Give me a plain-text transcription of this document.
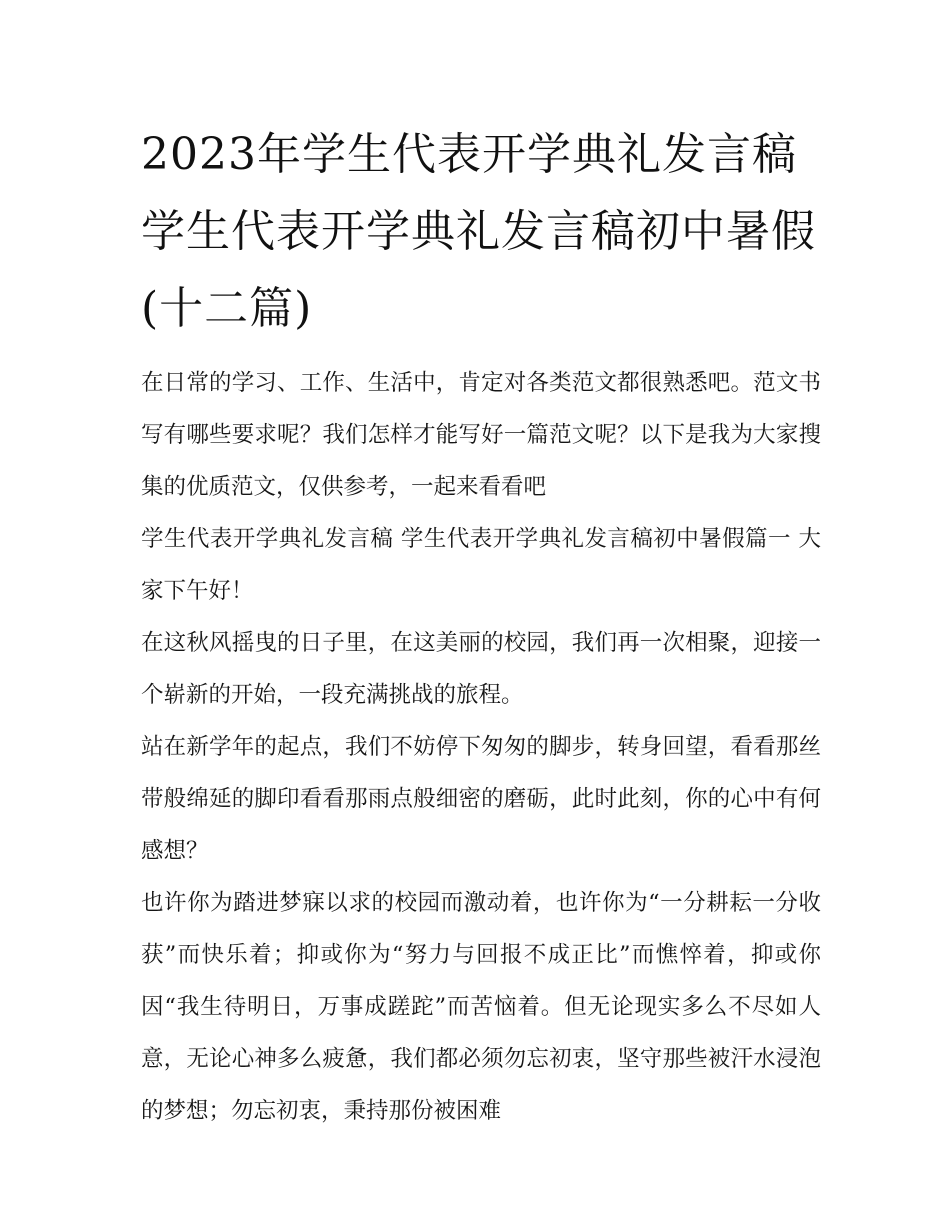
2023年学生代表开学典礼发言稿 学生代表开学典礼发言稿初中暑假(十二篇)

在日常的学习、工作、生活中，肯定对各类范文都很熟悉吧。范文书写有哪些要求呢？我们怎样才能写好一篇范文呢？以下是我为大家搜集的优质范文，仅供参考，一起来看看吧

学生代表开学典礼发言稿 学生代表开学典礼发言稿初中暑假篇一 大家下午好！

在这秋风摇曳的日子里，在这美丽的校园，我们再一次相聚，迎接一个崭新的开始，一段充满挑战的旅程。

站在新学年的起点，我们不妨停下匆匆的脚步，转身回望，看看那丝带般绵延的脚印看看那雨点般细密的磨砺，此时此刻，你的心中有何感想？

也许你为踏进梦寐以求的校园而激动着，也许你为“一分耕耘一分收获”而快乐着；抑或你为“努力与回报不成正比”而憔悴着，抑或你因“我生待明日，万事成蹉跎”而苦恼着。但无论现实多么不尽如人意，无论心神多么疲惫，我们都必须勿忘初衷，坚守那些被汗水浸泡的梦想；勿忘初衷，秉持那份被困难
